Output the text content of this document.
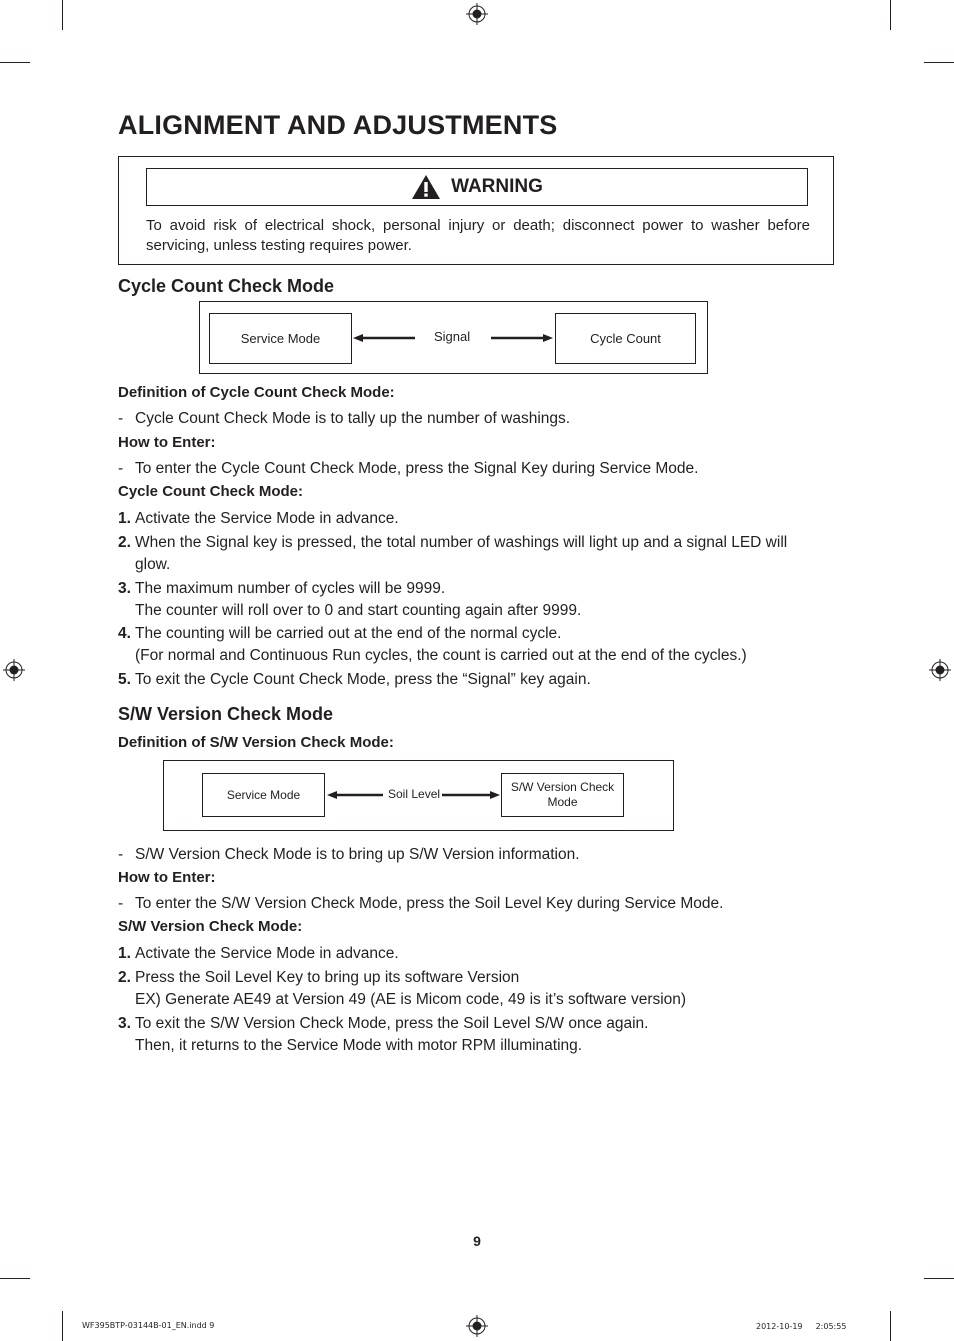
ALIGNMENT AND ADJUSTMENTS
WARNING
To avoid risk of electrical shock, personal injury or death; disconnect power to washer before servicing, unless testing requires power.
Cycle Count Check Mode
Service Mode	Signal	Cycle Count
Definition of Cycle Count Check Mode:
- Cycle Count Check Mode is to tally up the number of washings.
How to Enter:
- To enter the Cycle Count Check Mode, press the Signal Key during Service Mode.
Cycle Count Check Mode:
1. Activate the Service Mode in advance.
2. When the Signal key is pressed, the total number of washings will light up and a signal LED will
glow.
3. The maximum number of cycles will be 9999.
The counter will roll over to 0 and start counting again after 9999.
4. The counting will be carried out at the end of the normal cycle.
(For normal and Continuous Run cycles, the count is carried out at the end of the cycles.)
5. To exit the Cycle Count Check Mode, press the “Signal” key again.
S/W Version Check Mode
Definition of S/W Version Check Mode:
Service Mode	Soil Level	S/W Version Check
Mode
- S/W Version Check Mode is to bring up S/W Version information.
How to Enter:
- To enter the S/W Version Check Mode, press the Soil Level Key during Service Mode.
S/W Version Check Mode:
1. Activate the Service Mode in advance.
2. Press the Soil Level Key to bring up its software Version
EX) Generate AE49 at Version 49 (AE is Micom code, 49 is it’s software version)
3. To exit the S/W Version Check Mode, press the Soil Level S/W once again.
Then, it returns to the Service Mode with motor RPM illuminating.
9
WF395BTP-03144B-01_EN.indd 9	2012-10-19 　 2:05:55
